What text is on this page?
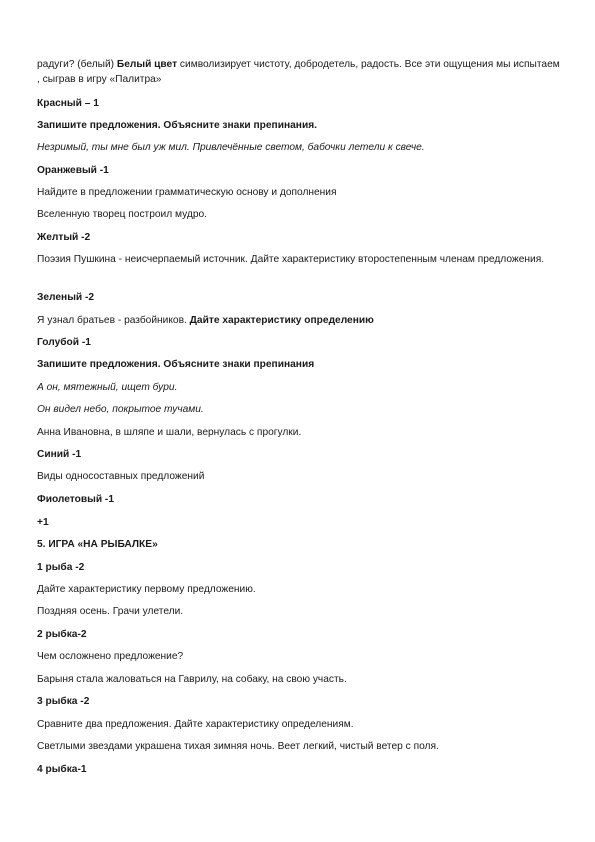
радуги? (белый) Белый цвет символизирует чистоту, добродетель, радость. Все эти ощущения мы испытаем , сыграв в игру «Палитра»

Красный – 1

Запишите предложения. Объясните знаки препинания.

Незримый, ты мне был уж мил. Привлечённые светом, бабочки летели к свече.

Оранжевый -1

Найдите в предложении грамматическую основу и дополнения

Вселенную творец построил мудро.

Желтый -2

Поэзия Пушкина - неисчерпаемый источник. Дайте характеристику второстепенным членам предложения.

Зеленый -2

Я узнал братьев - разбойников. Дайте характеристику определению

Голубой -1

Запишите предложения. Объясните знаки препинания

А он, мятежный, ищет бури.

Он видел небо, покрытое тучами.

Анна Ивановна, в шляпе и шали, вернулась с прогулки.

Синий -1

Виды односоставных предложений

Фиолетовый -1

+1

5. ИГРА «НА РЫБАЛКЕ»

1 рыба -2

Дайте характеристику первому предложению.

Поздняя осень. Грачи улетели.

2 рыбка-2

Чем осложнено предложение?

Барыня стала жаловаться на Гаврилу, на собаку, на свою участь.

3 рыбка -2

Сравните два предложения. Дайте характеристику определениям.

Светлыми звездами украшена тихая зимняя ночь. Веет легкий, чистый ветер с поля.

4 рыбка-1
